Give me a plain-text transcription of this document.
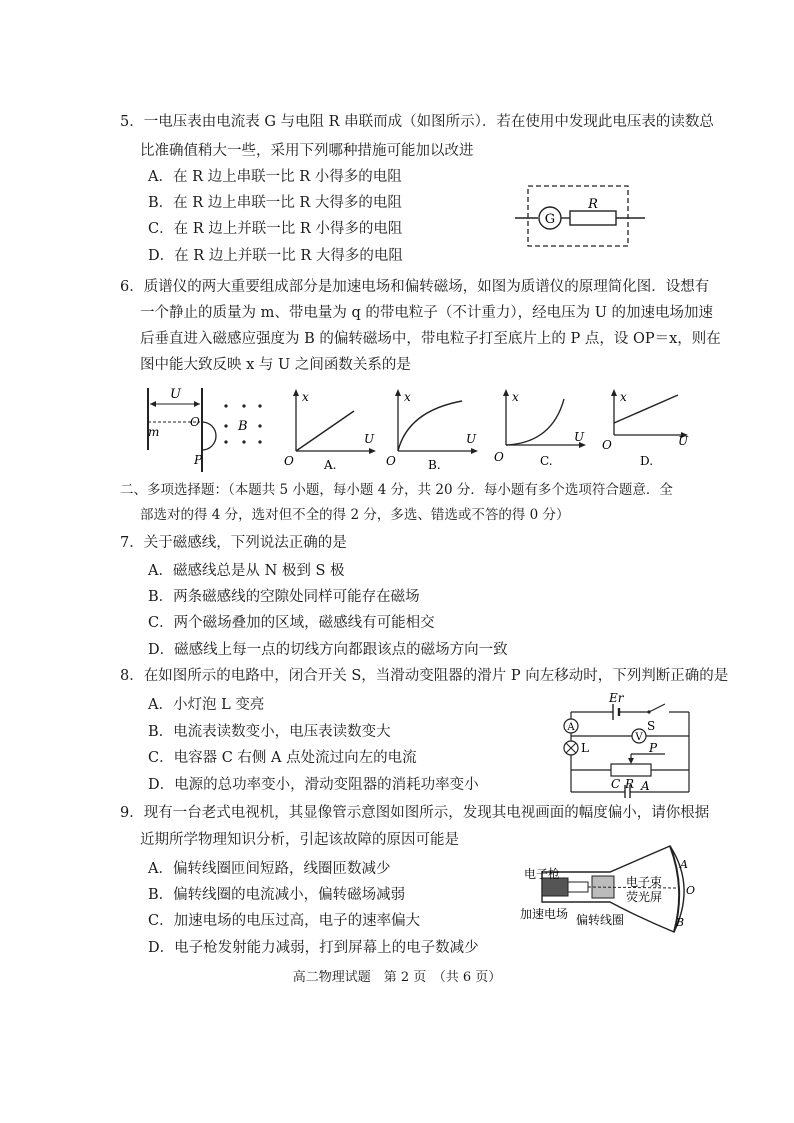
5．一电压表由电流表 G 与电阻 R 串联而成（如图所示）．若在使用中发现此电压表的读数总
比准确值稍大一些，采用下列哪种措施可能加以改进
A．在 R 边上串联一比 R 小得多的电阻
B．在 R 边上串联一比 R 大得多的电阻
C．在 R 边上并联一比 R 小得多的电阻
D．在 R 边上并联一比 R 大得多的电阻
G
R
6．质谱仪的两大重要组成部分是加速电场和偏转磁场，如图为质谱仪的原理简化图．设想有
一个静止的质量为 m、带电量为 q 的带电粒子（不计重力），经电压为 U 的加速电场加速
后垂直进入磁感应强度为 B 的偏转磁场中，带电粒子打至底片上的 P 点，设 OP＝x，则在
图中能大致反映 x 与 U 之间函数关系的是
U
O
m
P
B
x
U
O	A.
x
U
O	B.
x
U
O	C.
x
U
O
D.
二、多项选择题：（本题共 5 小题，每小题 4 分，共 20 分．每小题有多个选项符合题意．全
部选对的得 4 分，选对但不全的得 2 分，多选、错选或不答的得 0 分）
7．关于磁感线，下列说法正确的是
A．磁感线总是从 N 极到 S 极
B．两条磁感线的空隙处同样可能存在磁场
C．两个磁场叠加的区域，磁感线有可能相交
D．磁感线上每一点的切线方向都跟该点的磁场方向一致
8．在如图所示的电路中，闭合开关 S，当滑动变阻器的滑片 P 向左移动时，下列判断正确的是
A．小灯泡 L 变亮
B．电流表读数变小，电压表读数变大
C．电容器 C 右侧 A 点处流过向左的电流
D．电源的总功率变小，滑动变阻器的消耗功率变小
Er
S
A
L
V
P
R
C A
9．现有一台老式电视机，其显像管示意图如图所示，发现其电视画面的幅度偏小，请你根据
近期所学物理知识分析，引起该故障的原因可能是
A．偏转线圈匝间短路，线圈匝数减少
B．偏转线圈的电流减小，偏转磁场减弱
C．加速电场的电压过高，电子的速率偏大
D．电子枪发射能力减弱，打到屏幕上的电子数减少
电子枪
电子束
荧光屏
加速电场 偏转线圈
A
O
B
高二物理试题　第 2 页　（共 6 页）
